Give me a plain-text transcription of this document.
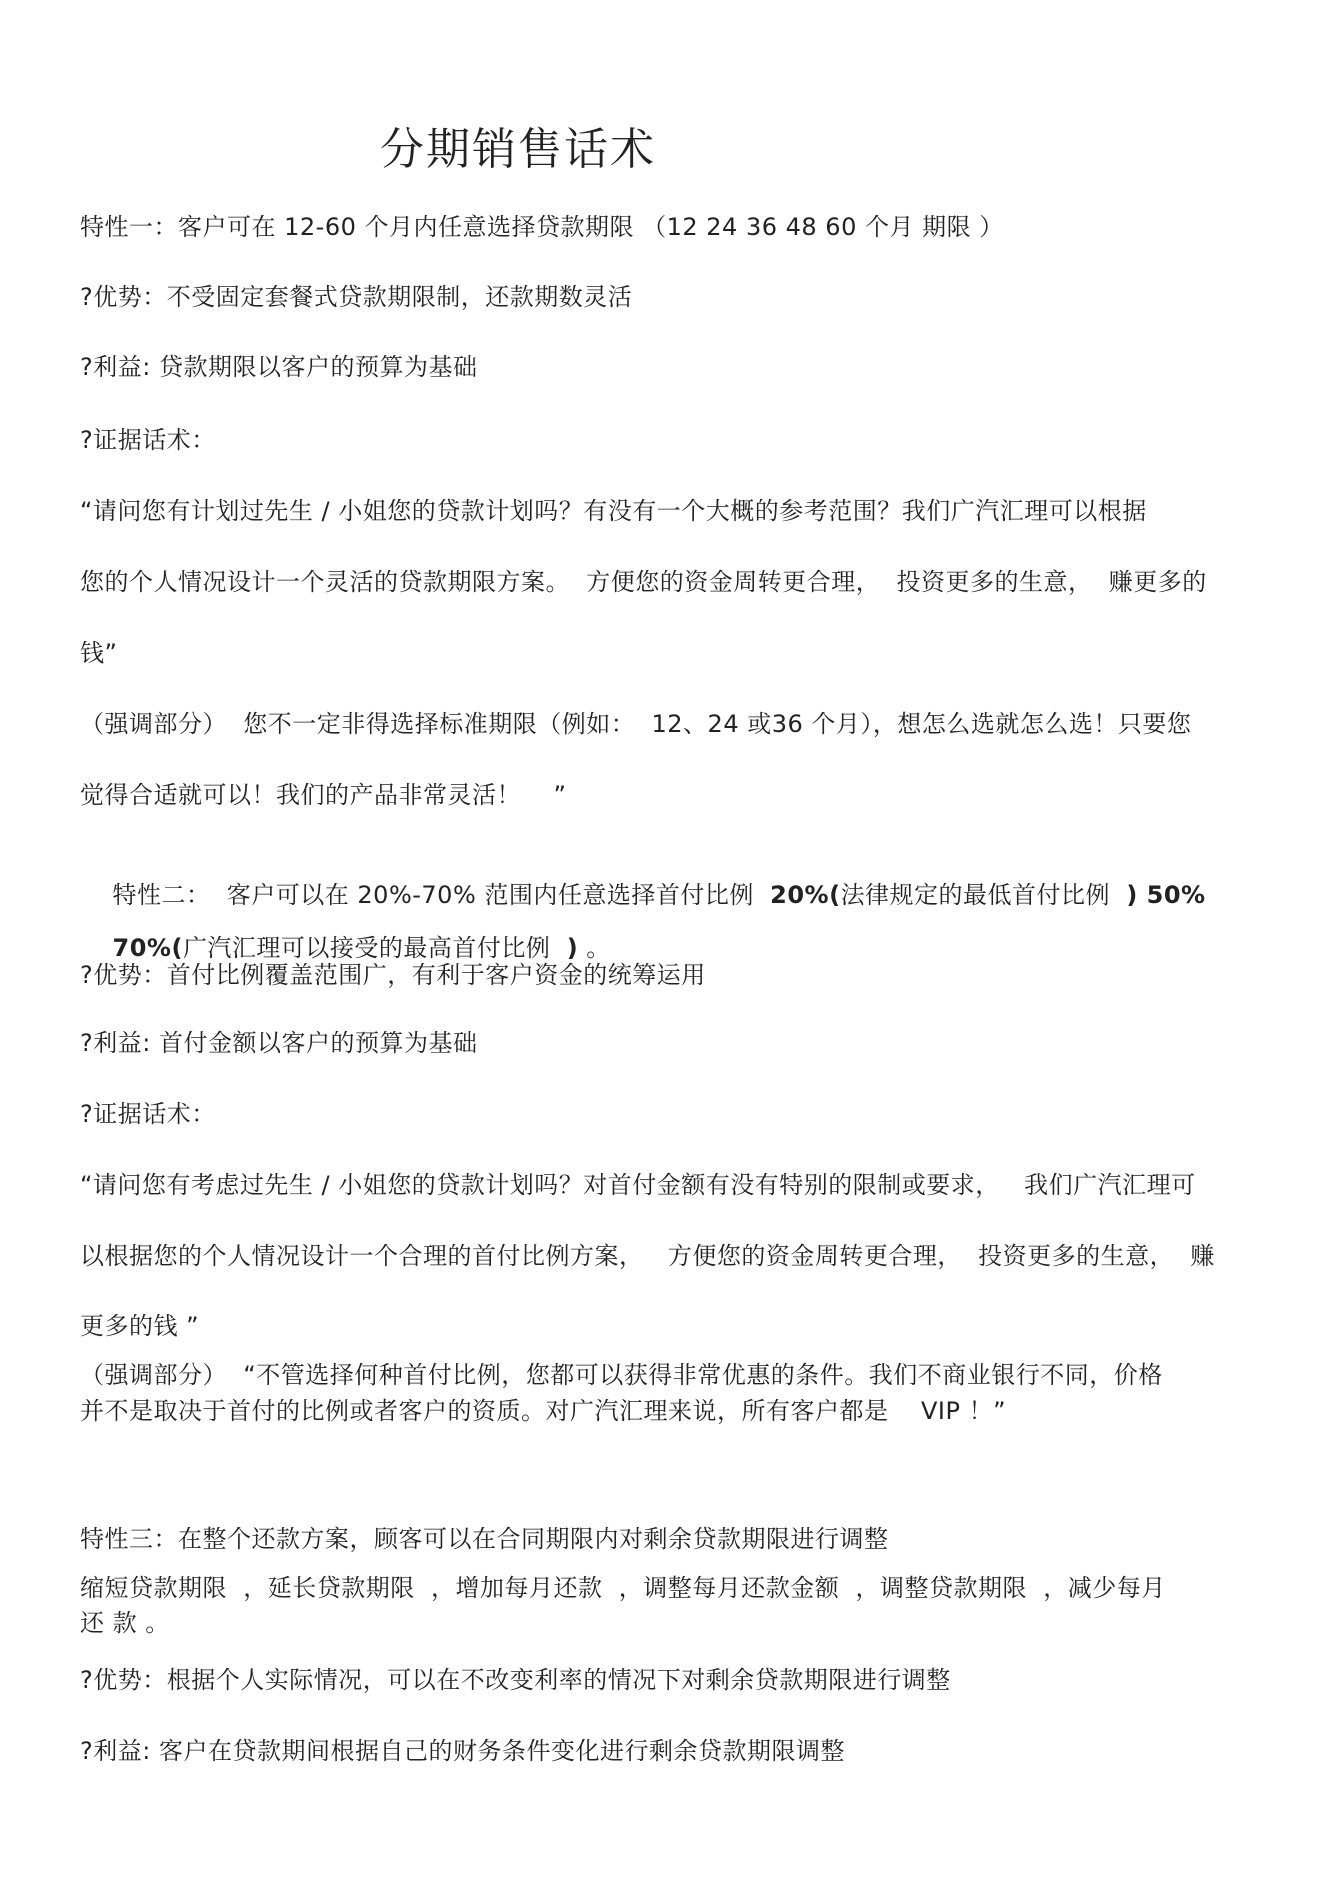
分期销售话术
特性一：客户可在 12-60 个月内任意选择贷款期限 （12 24 36 48 60 个月 期限 ）
?优势：不受固定套餐式贷款期限制，还款期数灵活
?利益: 贷款期限以客户的预算为基础
?证据话术：
“请问您有计划过先生 / 小姐您的贷款计划吗？有没有一个大概的参考范围？我们广汽汇理可以根据
您的个人情况设计一个灵活的贷款期限方案。  方便您的资金周转更合理，  投资更多的生意，  赚更多的
钱”
（强调部分）  您不一定非得选择标准期限（例如：  12、24 或36 个月），想怎么选就怎么选！只要您
觉得合适就可以！我们的产品非常灵活！    ”

特性二：  客户可以在 20%-70% 范围内任意选择首付比例  20%(法律规定的最低首付比例  ) 50%

70%(广汽汇理可以接受的最高首付比例  ) 。

?优势：首付比例覆盖范围广，有利于客户资金的统筹运用
?利益: 首付金额以客户的预算为基础
?证据话术：
“请问您有考虑过先生 / 小姐您的贷款计划吗？对首付金额有没有特别的限制或要求，   我们广汽汇理可
以根据您的个人情况设计一个合理的首付比例方案，   方便您的资金周转更合理，  投资更多的生意，  赚
更多的钱 ”
（强调部分）  “不管选择何种首付比例，您都可以获得非常优惠的条件。我们不商业银行不同，价格
并不是取决于首付的比例或者客户的资质。对广汽汇理来说，所有客户都是    VIP ！”
特性三：在整个还款方案，顾客可以在合同期限内对剩余贷款期限进行调整
缩短贷款期限  ，延长贷款期限  ，增加每月还款  ，调整每月还款金额  ，调整贷款期限  ，减少每月
还 款 。
?优势：根据个人实际情况，可以在不改变利率的情况下对剩余贷款期限进行调整
?利益: 客户在贷款期间根据自己的财务条件变化进行剩余贷款期限调整
